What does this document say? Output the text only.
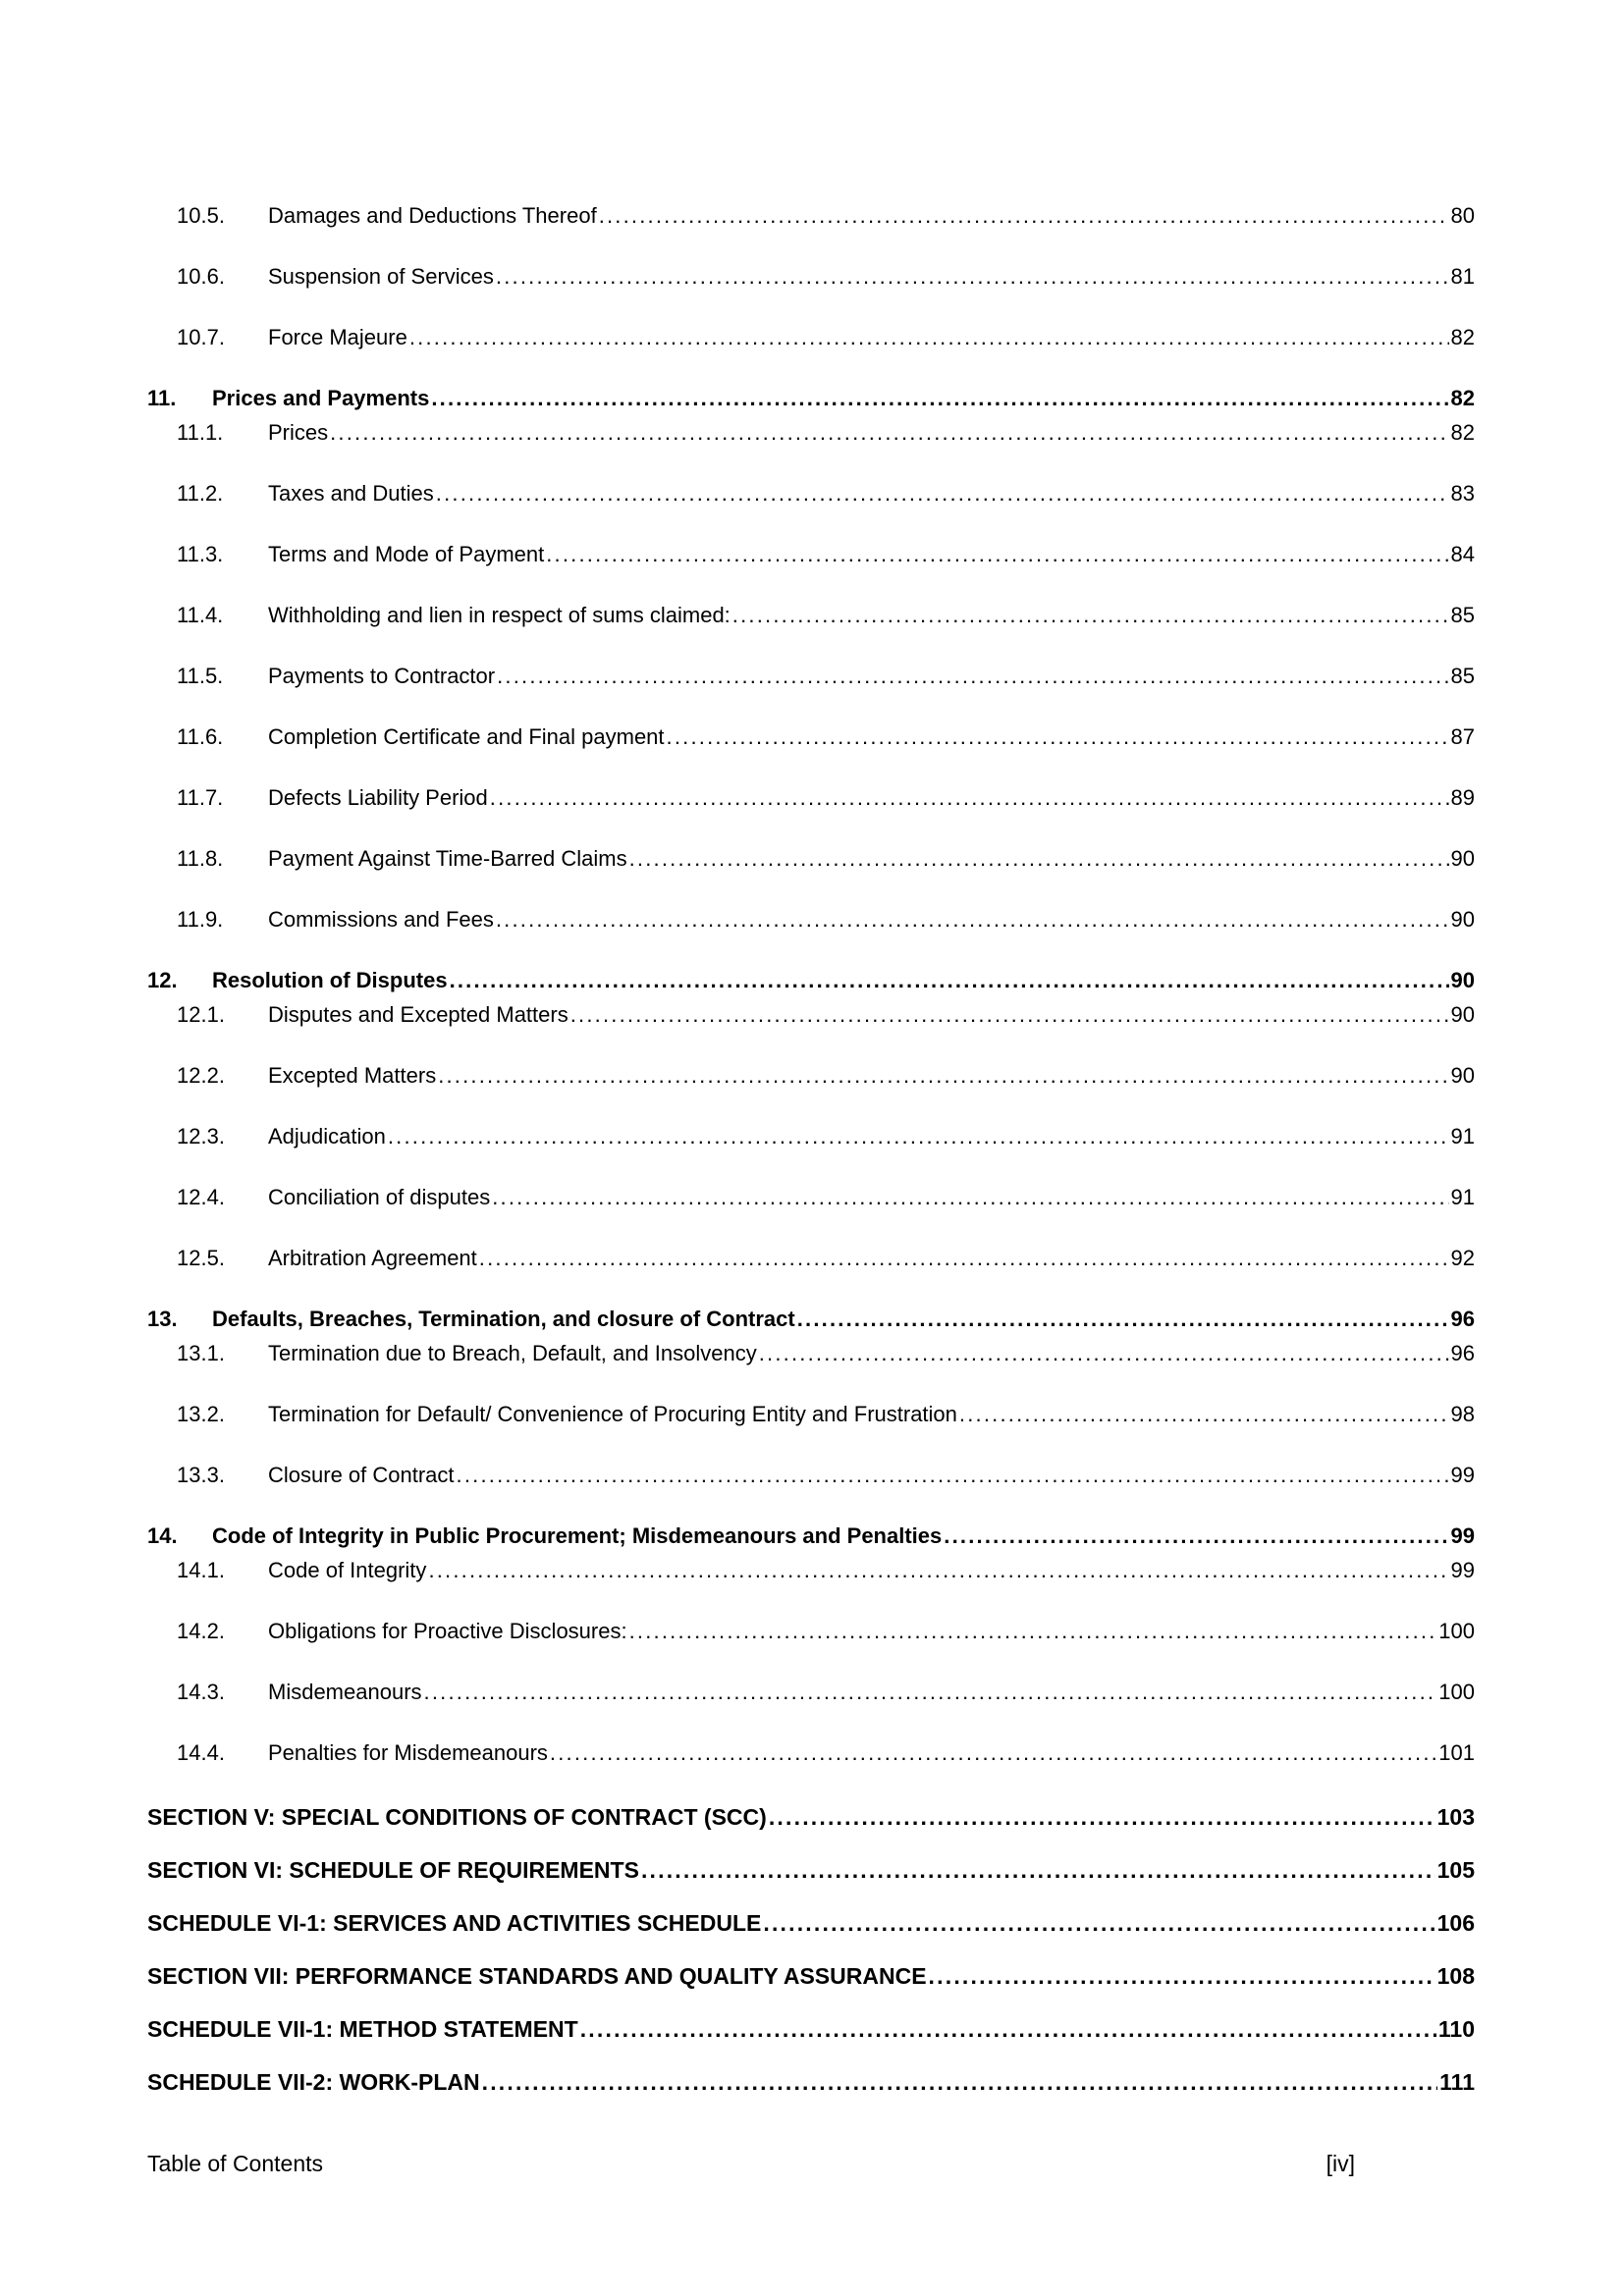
10.5.	Damages and Deductions Thereof .....	80
10.6.	Suspension of Services .....	81
10.7.	Force Majeure .....	82
11.	Prices and Payments .....	82
11.1.	Prices .....	82
11.2.	Taxes and Duties .....	83
11.3.	Terms and Mode of Payment .....	84
11.4.	Withholding and lien in respect of sums claimed: .....	85
11.5.	Payments to Contractor .....	85
11.6.	Completion Certificate and Final payment .....	87
11.7.	Defects Liability Period .....	89
11.8.	Payment Against Time-Barred Claims .....	90
11.9.	Commissions and Fees .....	90
12.	Resolution of Disputes .....	90
12.1.	Disputes and Excepted Matters .....	90
12.2.	Excepted Matters .....	90
12.3.	Adjudication .....	91
12.4.	Conciliation of disputes .....	91
12.5.	Arbitration Agreement .....	92
13.	Defaults, Breaches, Termination, and closure of Contract .....	96
13.1.	Termination due to Breach, Default, and Insolvency .....	96
13.2.	Termination for Default/ Convenience of Procuring Entity and Frustration .....	98
13.3.	Closure of Contract .....	99
14.	Code of Integrity in Public Procurement; Misdemeanours and Penalties .....	99
14.1.	Code of Integrity .....	99
14.2.	Obligations for Proactive Disclosures: .....	100
14.3.	Misdemeanours .....	100
14.4.	Penalties for Misdemeanours .....	101
SECTION V: SPECIAL CONDITIONS OF CONTRACT (SCC) .....	103
SECTION VI: SCHEDULE OF REQUIREMENTS .....	105
SCHEDULE VI-1: SERVICES AND ACTIVITIES SCHEDULE .....	106
SECTION VII: PERFORMANCE STANDARDS AND QUALITY ASSURANCE .....	108
SCHEDULE VII-1: METHOD STATEMENT .....	110
SCHEDULE VII-2: WORK-PLAN .....	111
Table of Contents	[iv]
